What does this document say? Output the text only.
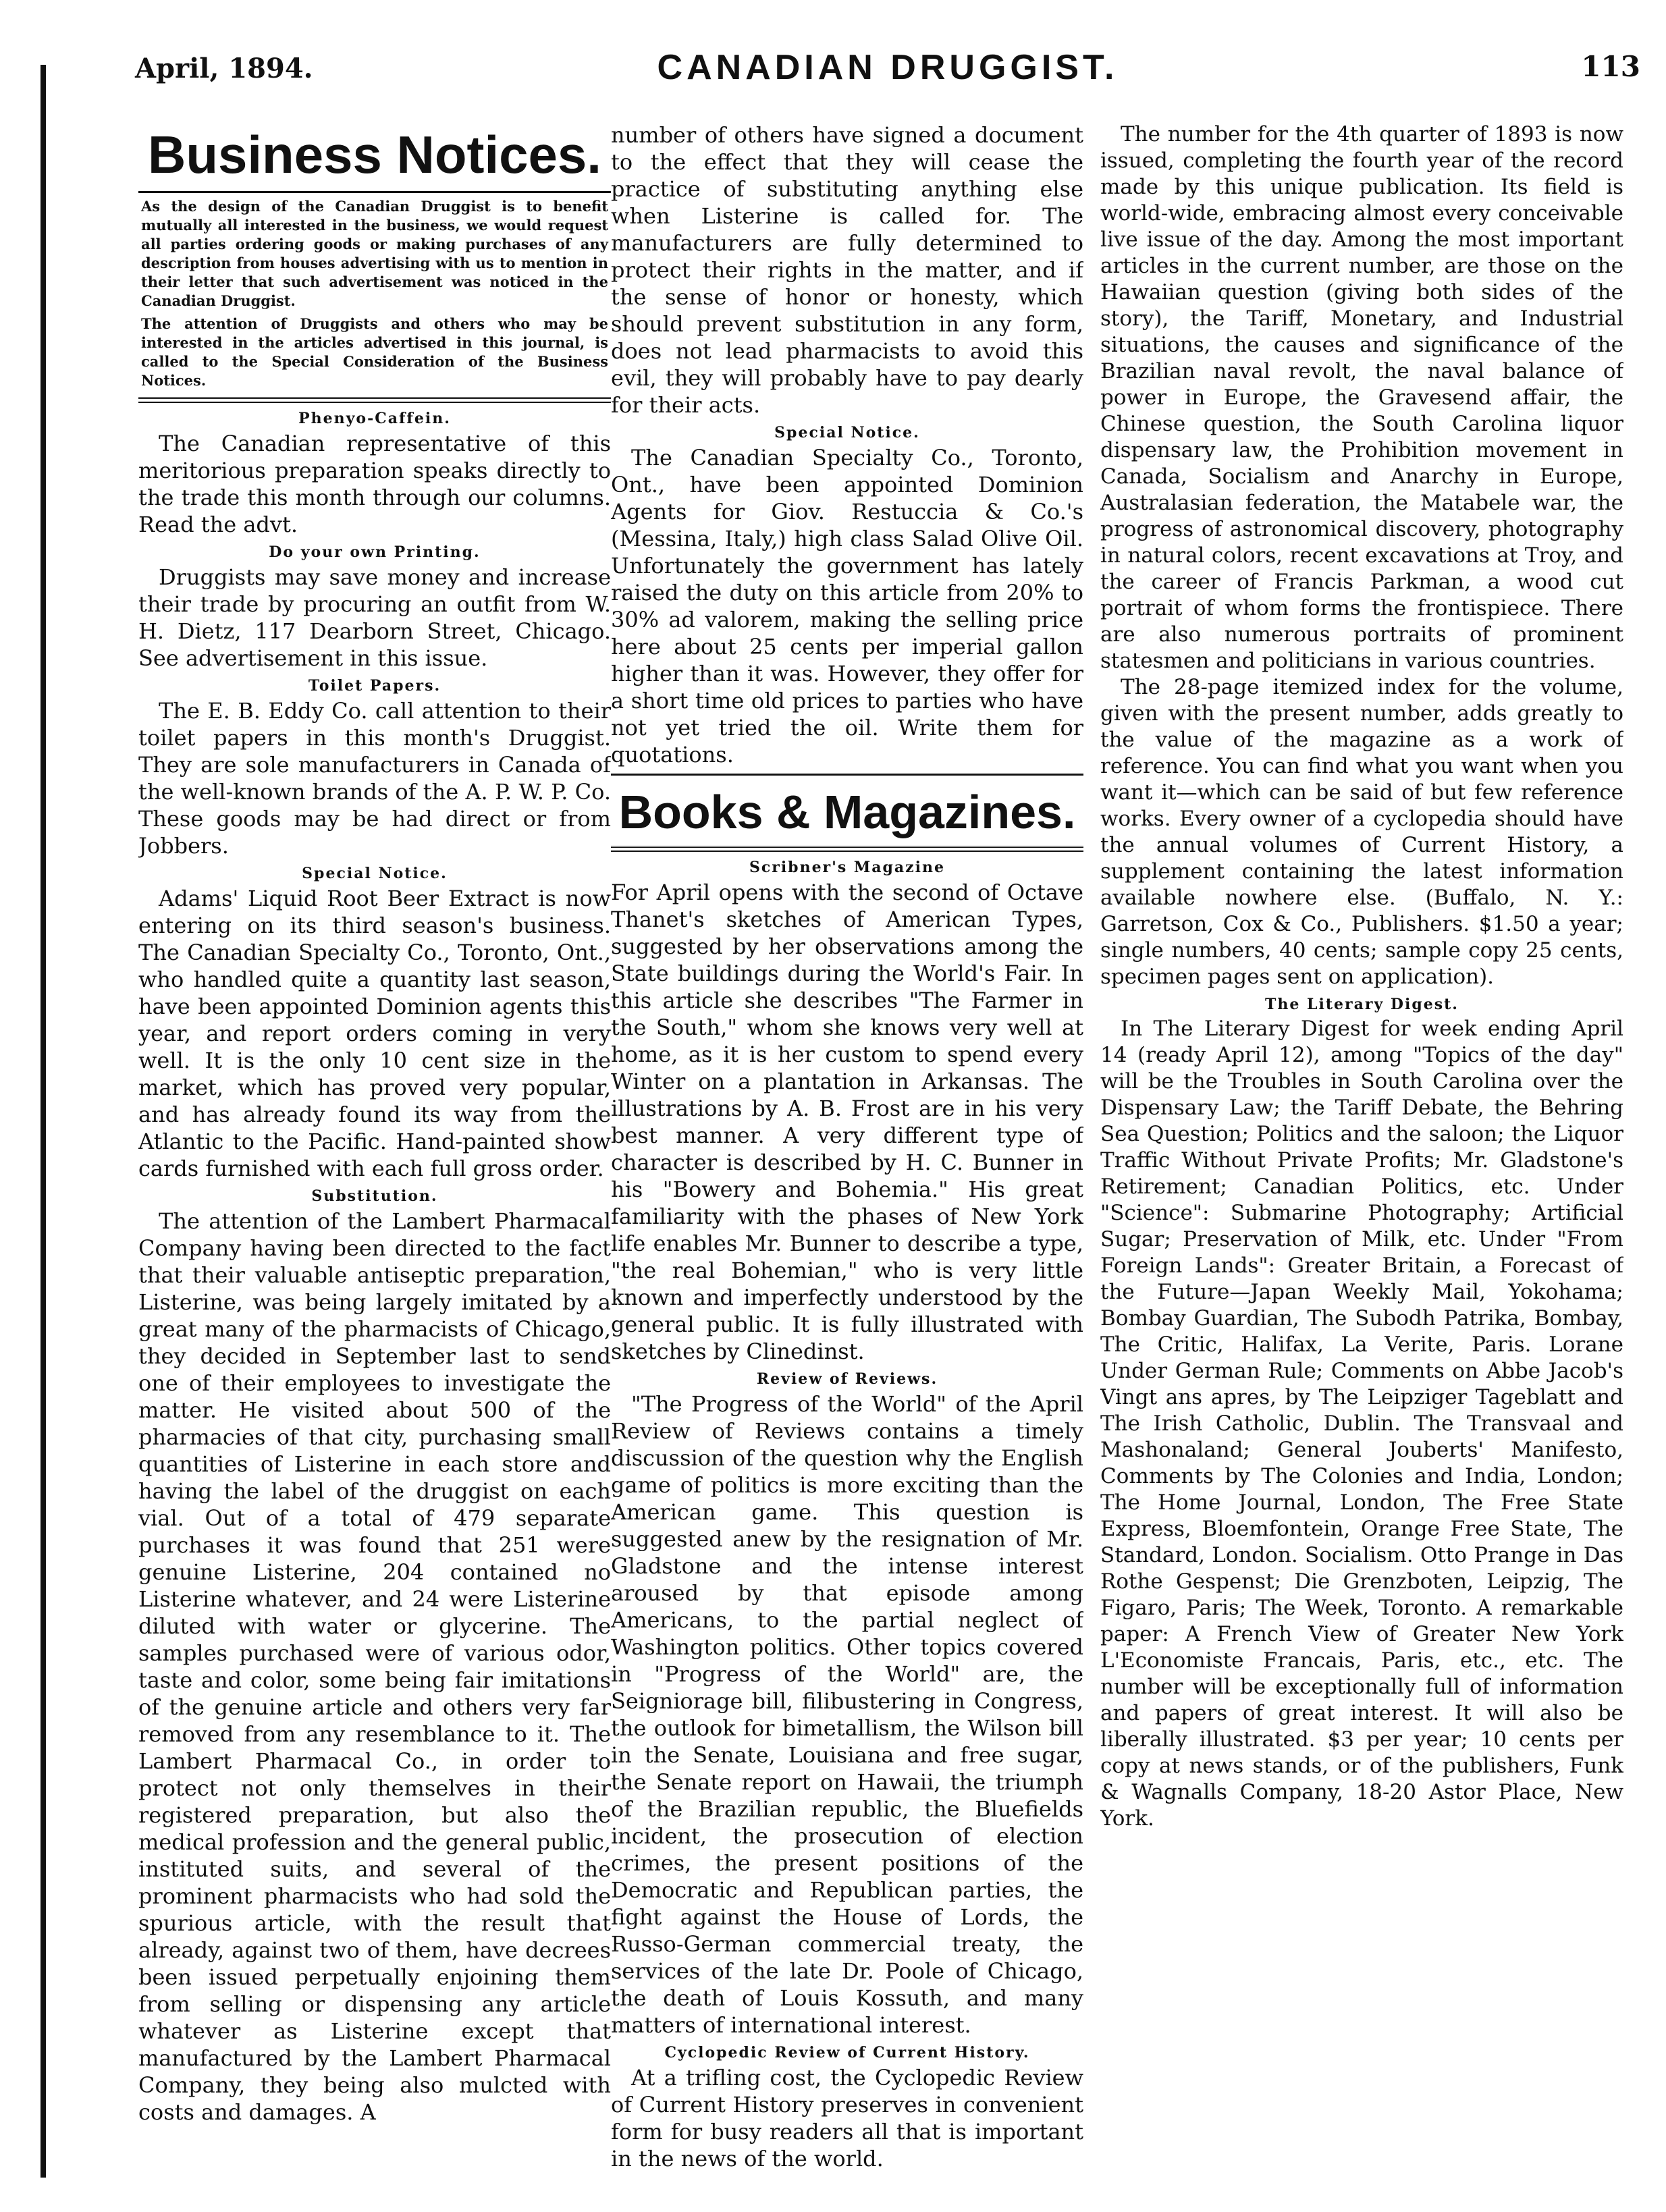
April, 1894.	CANADIAN DRUGGIST.	113
Business Notices.

As the design of the Canadian Druggist is to benefit mutually all interested in the business, we would request all parties ordering goods or making purchases of any description from houses advertising with us to mention in their letter that such advertisement was noticed in the Canadian Druggist.

The attention of Druggists and others who may be interested in the articles advertised in this journal, is called to the Special Consideration of the Business Notices.

Phenyo-Caffein.

The Canadian representative of this meritorious preparation speaks directly to the trade this month through our columns. Read the advt.

Do your own Printing.

Druggists may save money and increase their trade by procuring an outfit from W. H. Dietz, 117 Dearborn Street, Chicago. See advertisement in this issue.

Toilet Papers.

The E. B. Eddy Co. call attention to their toilet papers in this month's Druggist. They are sole manufacturers in Canada of the well-known brands of the A. P. W. P. Co. These goods may be had direct or from Jobbers.

Special Notice.

Adams' Liquid Root Beer Extract is now entering on its third season's business. The Canadian Specialty Co., Toronto, Ont., who handled quite a quantity last season, have been appointed Dominion agents this year, and report orders coming in very well. It is the only 10 cent size in the market, which has proved very popular, and has already found its way from the Atlantic to the Pacific. Hand-painted show cards furnished with each full gross order.

Substitution.

The attention of the Lambert Pharmacal Company having been directed to the fact that their valuable antiseptic preparation, Listerine, was being largely imitated by a great many of the pharmacists of Chicago, they decided in September last to send one of their employees to investigate the matter. He visited about 500 of the pharmacies of that city, purchasing small quantities of Listerine in each store and having the label of the druggist on each vial. Out of a total of 479 separate purchases it was found that 251 were genuine Listerine, 204 contained no Listerine whatever, and 24 were Listerine diluted with water or glycerine. The samples purchased were of various odor, taste and color, some being fair imitations of the genuine article and others very far removed from any resemblance to it. The Lambert Pharmacal Co., in order to protect not only themselves in their registered preparation, but also the medical profession and the general public, instituted suits, and several of the prominent pharmacists who had sold the spurious article, with the result that already, against two of them, have decrees been issued perpetually enjoining them from selling or dispensing any article whatever as Listerine except that manufactured by the Lambert Pharmacal Company, they being also mulcted with costs and damages. A

number of others have signed a document to the effect that they will cease the practice of substituting anything else when Listerine is called for. The manufacturers are fully determined to protect their rights in the matter, and if the sense of honor or honesty, which should prevent substitution in any form, does not lead pharmacists to avoid this evil, they will probably have to pay dearly for their acts.

Special Notice.

The Canadian Specialty Co., Toronto, Ont., have been appointed Dominion Agents for Giov. Restuccia & Co.'s (Messina, Italy,) high class Salad Olive Oil. Unfortunately the government has lately raised the duty on this article from 20% to 30% ad valorem, making the selling price here about 25 cents per imperial gallon higher than it was. However, they offer for a short time old prices to parties who have not yet tried the oil. Write them for quotations.

Books & Magazines.
Scribner's Magazine

For April opens with the second of Octave Thanet's sketches of American Types, suggested by her observations among the State buildings during the World's Fair. In this article she describes "The Farmer in the South," whom she knows very well at home, as it is her custom to spend every Winter on a plantation in Arkansas. The illustrations by A. B. Frost are in his very best manner. A very different type of character is described by H. C. Bunner in his "Bowery and Bohemia." His great familiarity with the phases of New York life enables Mr. Bunner to describe a type, "the real Bohemian," who is very little known and imperfectly understood by the general public. It is fully illustrated with sketches by Clinedinst.

Review of Reviews.

"The Progress of the World" of the April Review of Reviews contains a timely discussion of the question why the English game of politics is more exciting than the American game. This question is suggested anew by the resignation of Mr. Gladstone and the intense interest aroused by that episode among Americans, to the partial neglect of Washington politics. Other topics covered in "Progress of the World" are, the Seigniorage bill, filibustering in Congress, the outlook for bimetallism, the Wilson bill in the Senate, Louisiana and free sugar, the Senate report on Hawaii, the triumph of the Brazilian republic, the Bluefields incident, the prosecution of election crimes, the present positions of the Democratic and Republican parties, the fight against the House of Lords, the Russo-German commercial treaty, the services of the late Dr. Poole of Chicago, the death of Louis Kossuth, and many matters of international interest.

Cyclopedic Review of Current History.

At a trifling cost, the Cyclopedic Review of Current History preserves in convenient form for busy readers all that is important in the news of the world.

The number for the 4th quarter of 1893 is now issued, completing the fourth year of the record made by this unique publication. Its field is world-wide, embracing almost every conceivable live issue of the day. Among the most important articles in the current number, are those on the Hawaiian question (giving both sides of the story), the Tariff, Monetary, and Industrial situations, the causes and significance of the Brazilian naval revolt, the naval balance of power in Europe, the Gravesend affair, the Chinese question, the South Carolina liquor dispensary law, the Prohibition movement in Canada, Socialism and Anarchy in Europe, Australasian federation, the Matabele war, the progress of astronomical discovery, photography in natural colors, recent excavations at Troy, and the career of Francis Parkman, a wood cut portrait of whom forms the frontispiece. There are also numerous portraits of prominent statesmen and politicians in various countries.

The 28-page itemized index for the volume, given with the present number, adds greatly to the value of the magazine as a work of reference. You can find what you want when you want it—which can be said of but few reference works. Every owner of a cyclopedia should have the annual volumes of Current History, a supplement containing the latest information available nowhere else. (Buffalo, N. Y.: Garretson, Cox & Co., Publishers. $1.50 a year; single numbers, 40 cents; sample copy 25 cents, specimen pages sent on application).

The Literary Digest.

In The Literary Digest for week ending April 14 (ready April 12), among "Topics of the day" will be the Troubles in South Carolina over the Dispensary Law; the Tariff Debate, the Behring Sea Question; Politics and the saloon; the Liquor Traffic Without Private Profits; Mr. Gladstone's Retirement; Canadian Politics, etc. Under "Science": Submarine Photography; Artificial Sugar; Preservation of Milk, etc. Under "From Foreign Lands": Greater Britain, a Forecast of the Future—Japan Weekly Mail, Yokohama; Bombay Guardian, The Subodh Patrika, Bombay, The Critic, Halifax, La Verite, Paris. Lorane Under German Rule; Comments on Abbe Jacob's Vingt ans apres, by The Leipziger Tageblatt and The Irish Catholic, Dublin. The Transvaal and Mashonaland; General Jouberts' Manifesto, Comments by The Colonies and India, London; The Home Journal, London, The Free State Express, Bloemfontein, Orange Free State, The Standard, London. Socialism. Otto Prange in Das Rothe Gespenst; Die Grenzboten, Leipzig, The Figaro, Paris; The Week, Toronto. A remarkable paper: A French View of Greater New York L'Economiste Francais, Paris, etc., etc. The number will be exceptionally full of information and papers of great interest. It will also be liberally illustrated. $3 per year; 10 cents per copy at news stands, or of the publishers, Funk & Wagnalls Company, 18-20 Astor Place, New York.
